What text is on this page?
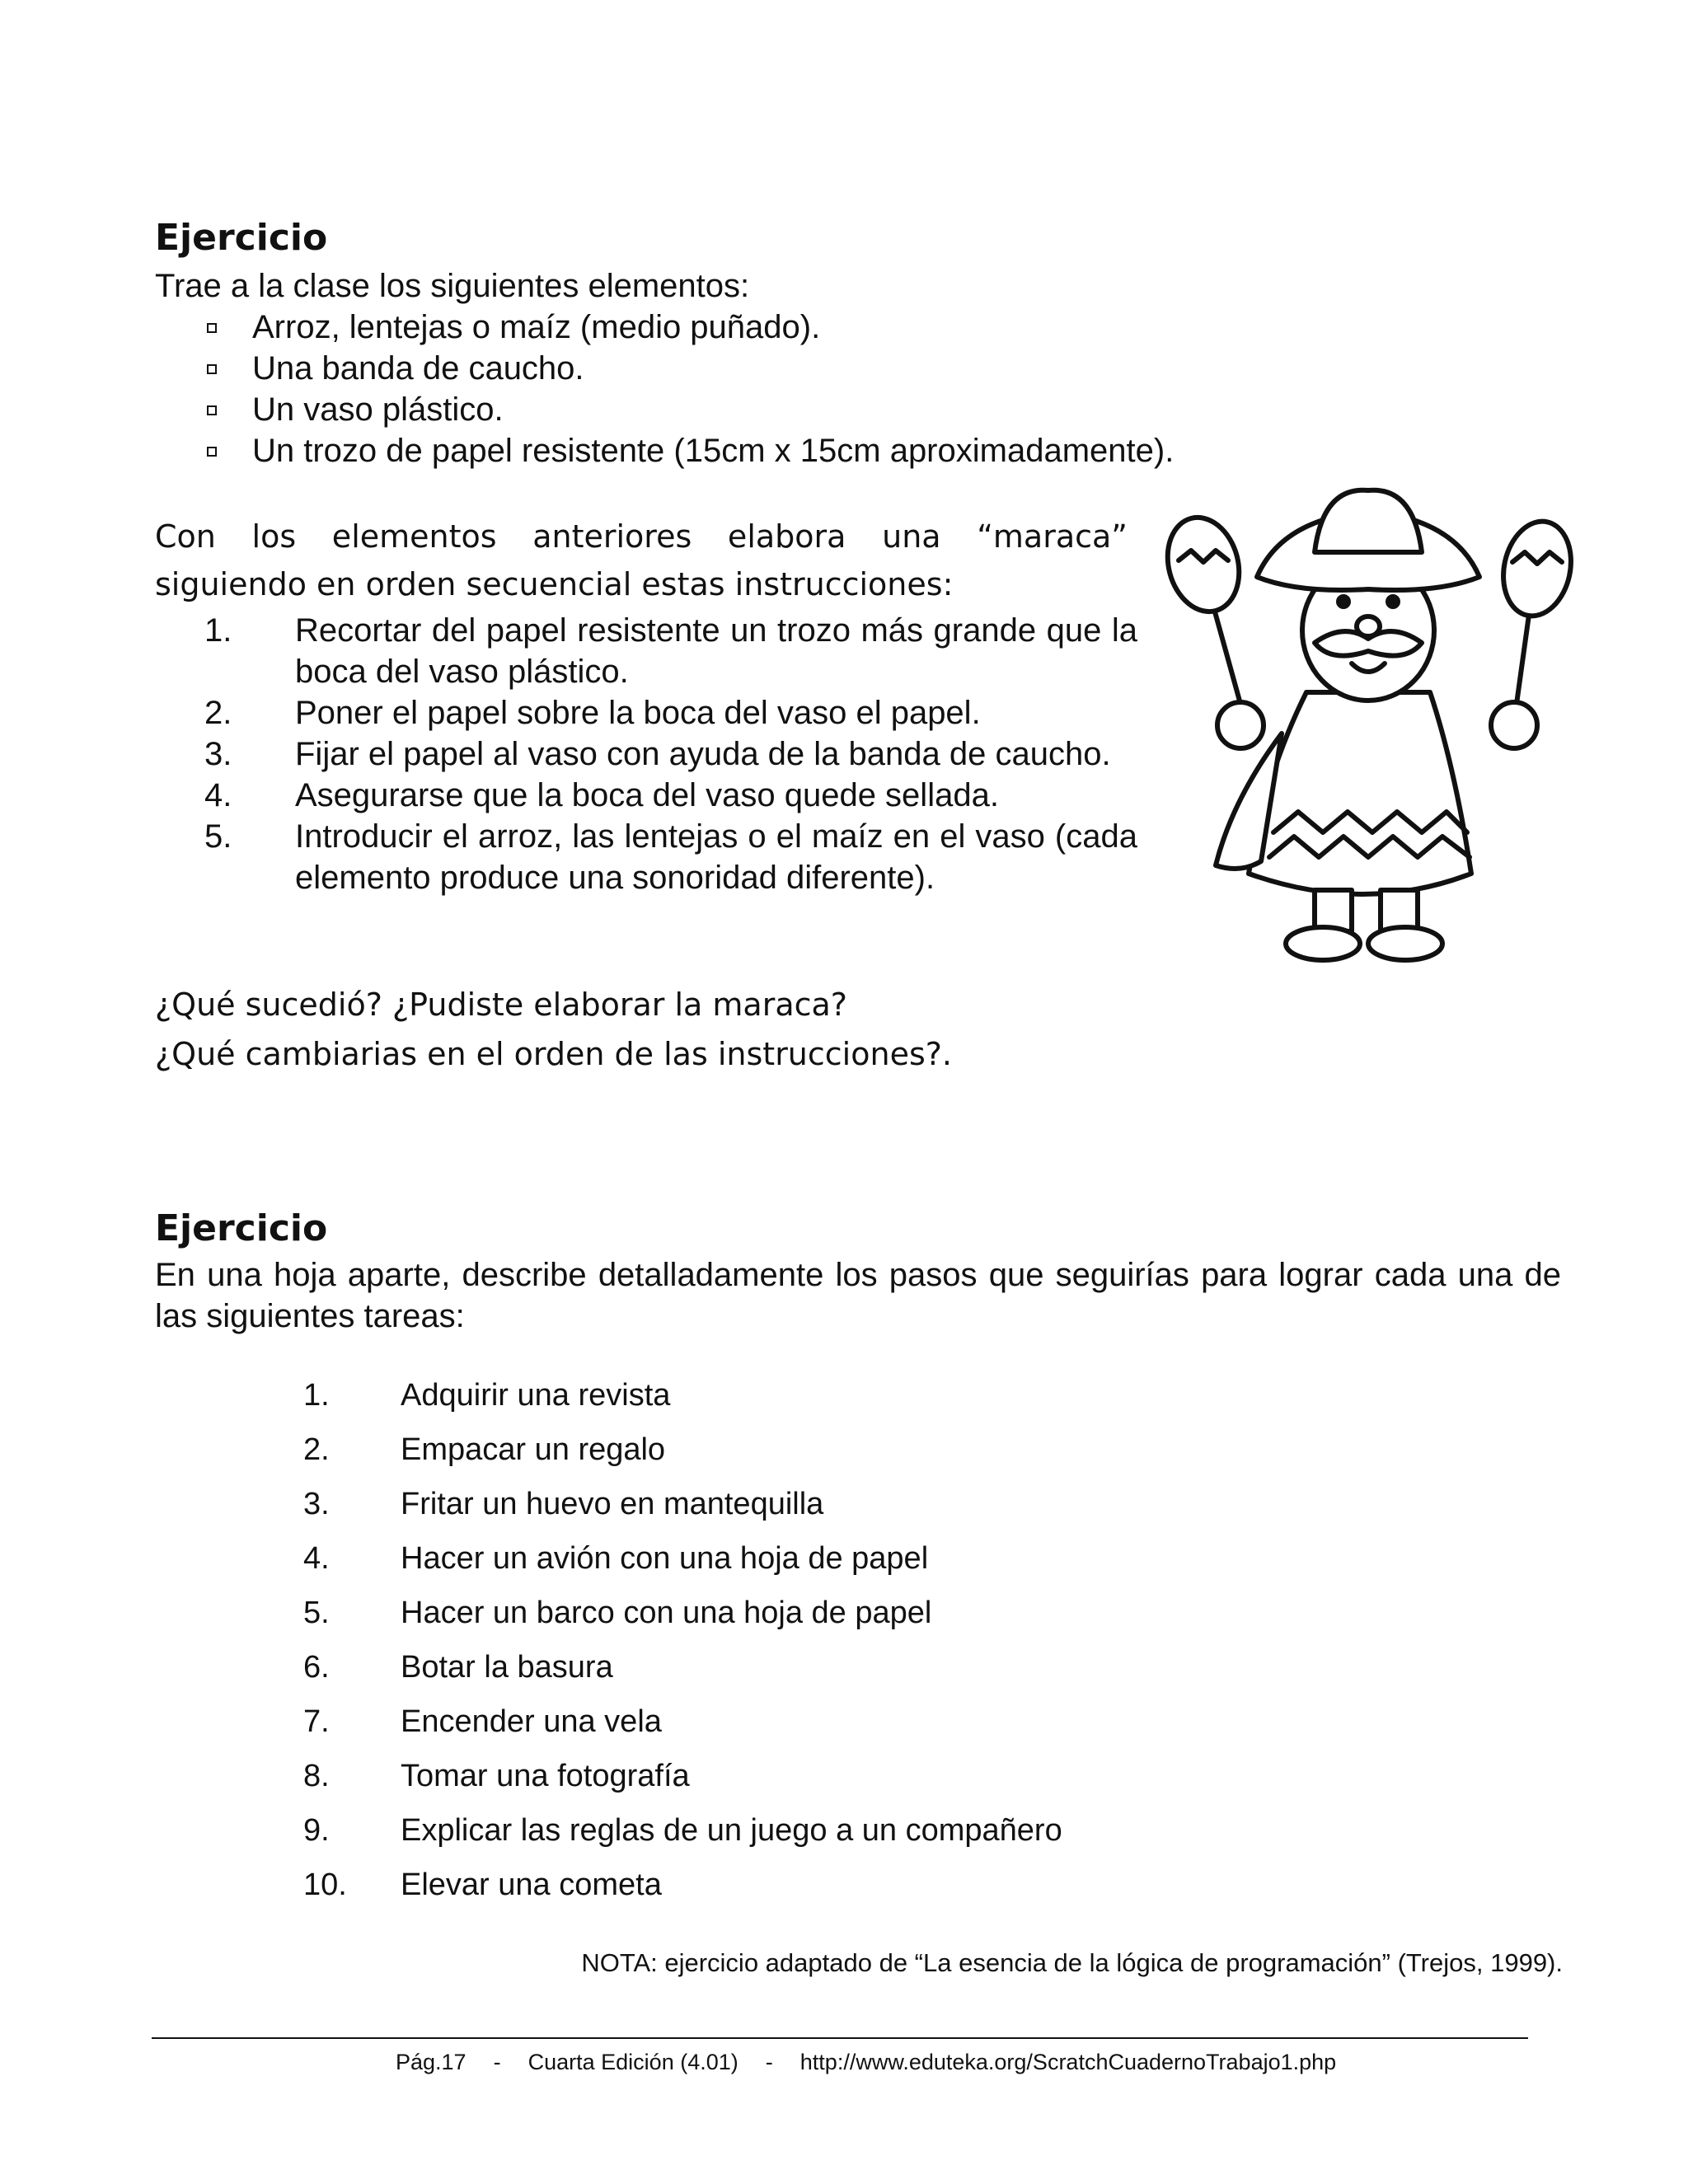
Ejercicio
Trae a la clase los siguientes elementos:
Arroz, lentejas o maíz (medio puñado).
Una banda de caucho.
Un vaso plástico.
Un trozo de papel resistente (15cm x 15cm aproximadamente).
Con los elementos anteriores elabora una “maraca”
siguiendo en orden secuencial estas instrucciones:
1.	Recortar del papel resistente un trozo más grande que la boca del vaso plástico.
2.	Poner el papel sobre la boca del vaso el papel.
3.	Fijar el papel al vaso con ayuda de la banda de caucho.
4.	Asegurarse que la boca del vaso quede sellada.
5.	Introducir el arroz, las lentejas o el maíz en el vaso (cada elemento produce una sonoridad diferente).
¿Qué sucedió? ¿Pudiste elaborar la maraca?
¿Qué cambiarias en el orden de las instrucciones?.
Ejercicio
En una hoja aparte, describe detalladamente los pasos que seguirías para lograr cada una de las siguientes tareas:
1.	Adquirir una revista
2.	Empacar un regalo
3.	Fritar un huevo en mantequilla
4.	Hacer un avión con una hoja de papel
5.	Hacer un barco con una hoja de papel
6.	Botar la basura
7.	Encender una vela
8.	Tomar una fotografía
9.	Explicar las reglas de un juego a un compañero
10.	Elevar una cometa
NOTA: ejercicio adaptado de “La esencia de la lógica de programación” (Trejos, 1999).
Pág.17 - Cuarta Edición (4.01) - http://www.eduteka.org/ScratchCuadernoTrabajo1.php
